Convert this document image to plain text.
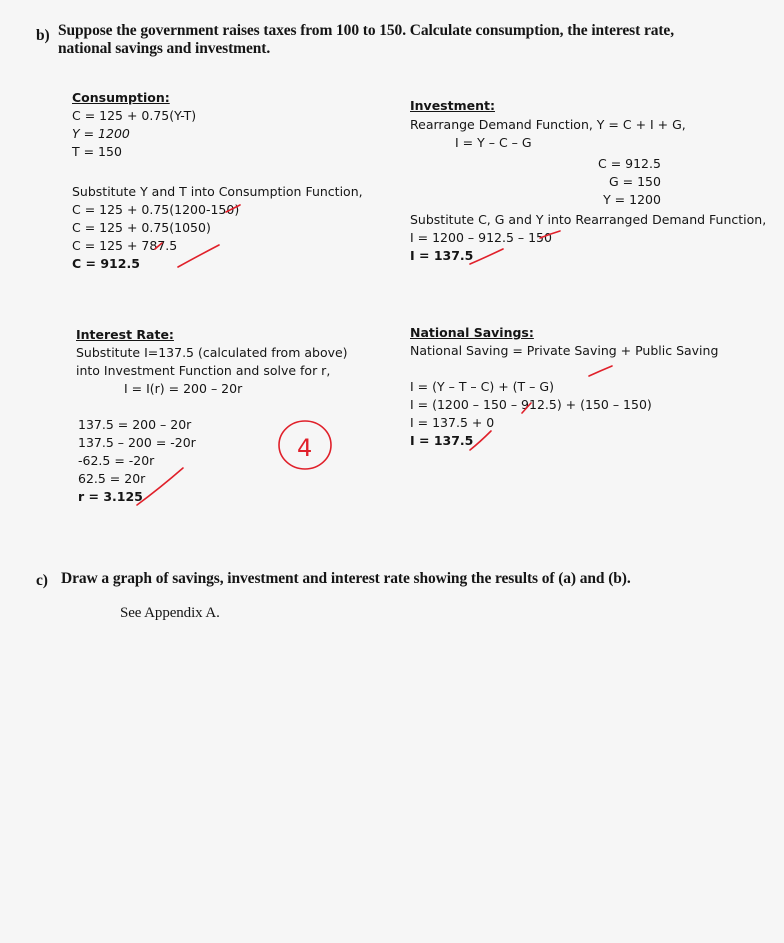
b) Suppose the government raises taxes from 100 to 150. Calculate consumption, the interest rate,
national savings and investment.
Consumption:
C = 125 + 0.75(Y-T)
Y = 1200
T = 150
Substitute Y and T into Consumption Function,
C = 125 + 0.75(1200-150)
C = 125 + 0.75(1050)
C = 125 + 787.5
C = 912.5
Investment:
Rearrange Demand Function, Y = C + I + G,
I = Y – C – G
C = 912.5
G = 150
Y = 1200
Substitute C, G and Y into Rearranged Demand Function,
I = 1200 – 912.5 – 150
I = 137.5
Interest Rate:
Substitute I=137.5 (calculated from above)
into Investment Function and solve for r,
I = I(r) = 200 – 20r
137.5 = 200 – 20r
137.5 – 200 = -20r
-62.5 = -20r
62.5 = 20r
r = 3.125
National Savings:
National Saving = Private Saving + Public Saving
I = (Y – T – C) + (T – G)
I = (1200 – 150 – 912.5) + (150 – 150)
I = 137.5 + 0
I = 137.5
4
c) Draw a graph of savings, investment and interest rate showing the results of (a) and (b).
See Appendix A.
